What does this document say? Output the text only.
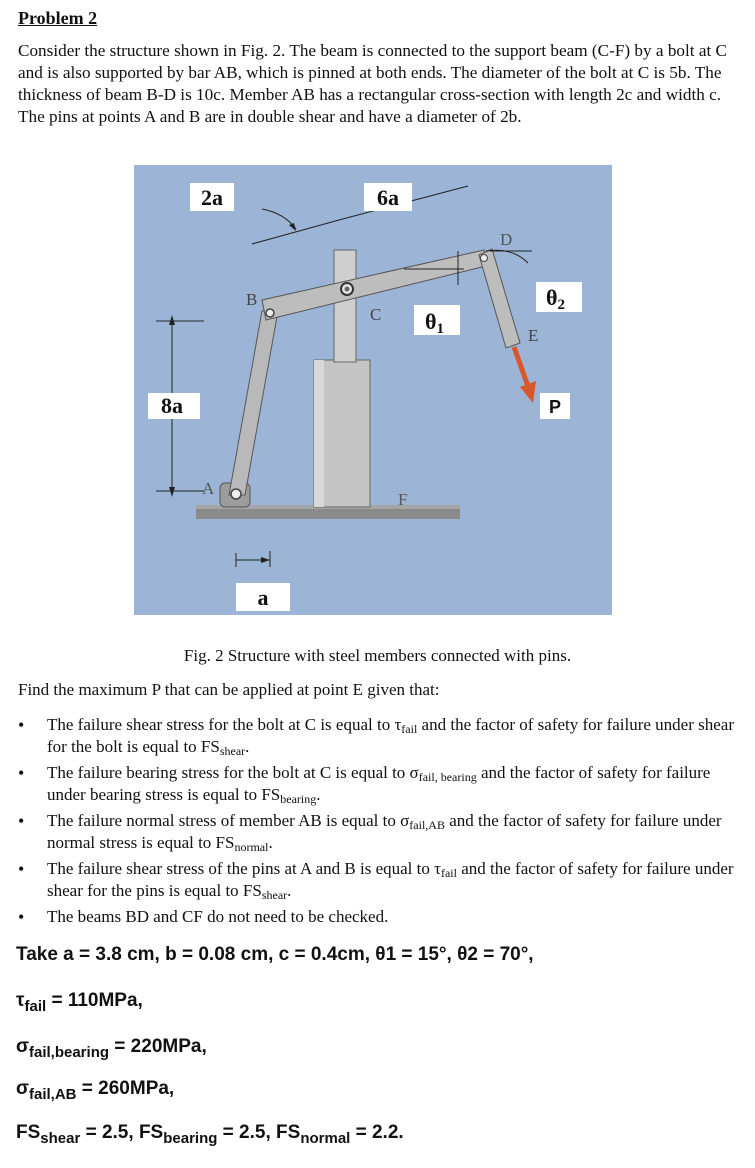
Problem 2
Consider the structure shown in Fig. 2. The beam is connected to the support beam (C-F) by a bolt at C and is also supported by bar AB, which is pinned at both ends. The diameter of the bolt at C is 5b. The thickness of beam B-D is 10c. Member AB has a rectangular cross-section with length 2c and width c. The pins at points A and B are in double shear and have a diameter of 2b.
2a	6a
8a
a
θ1
θ2
P
A
B
C
D
E
F
Fig. 2 Structure with steel members connected with pins.
Find the maximum P that can be applied at point E given that:
• The failure shear stress for the bolt at C is equal to $\tau_{fail}$ and the factor of safety for failure under shear for the bolt is equal to $FS_{shear}$.
• The failure bearing stress for the bolt at C is equal to $\sigma_{fail, bearing}$ and the factor of safety for failure under bearing stress is equal to $FS_{bearing}$.
• The failure normal stress of member AB is equal to $\sigma_{fail,AB}$ and the factor of safety for failure under normal stress is equal to $FS_{normal}$.
• The failure shear stress of the pins at A and B is equal to $\tau_{fail}$ and the factor of safety for failure under shear for the pins is equal to $FS_{shear}$.
• The beams BD and CF do not need to be checked.
Take a = 3.8 cm, b = 0.08 cm, c = 0.4cm, θ1 = 15°, θ2 = 70°,
$\tau_{fail} = 110MPa$,
$\sigma_{fail,bearing} = 220MPa$,
$\sigma_{fail,AB} = 260MPa$,
$FS_{shear} = 2.5$, $FS_{bearing} = 2.5$, $FS_{normal} = 2.2$.
